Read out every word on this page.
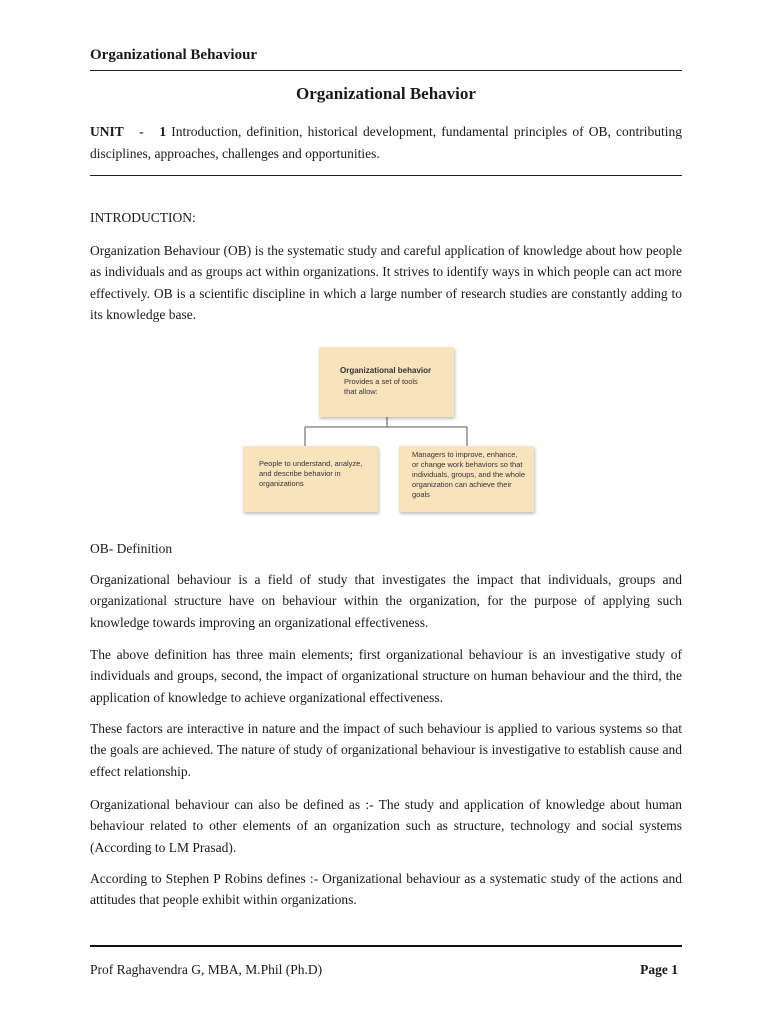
Organizational Behaviour
Organizational Behavior
UNIT - 1 Introduction, definition, historical development, fundamental principles of OB, contributing disciplines, approaches, challenges and opportunities.
INTRODUCTION:
Organization Behaviour (OB) is the systematic study and careful application of knowledge about how people as individuals and as groups act within organizations. It strives to identify ways in which people can act more effectively. OB is a scientific discipline in which a large number of research studies are constantly adding to its knowledge base.
Organizational behavior
Provides a set of tools that allow:
People to understand, analyze, and describe behavior in organizations
Managers to improve, enhance, or change work behaviors so that individuals, groups, and the whole organization can achieve their goals
OB- Definition
Organizational behaviour is a field of study that investigates the impact that individuals, groups and organizational structure have on behaviour within the organization, for the purpose of applying such knowledge towards improving an organizational effectiveness.
The above definition has three main elements; first organizational behaviour is an investigative study of individuals and groups, second, the impact of organizational structure on human behaviour and the third, the application of knowledge to achieve organizational effectiveness.
These factors are interactive in nature and the impact of such behaviour is applied to various systems so that the goals are achieved. The nature of study of organizational behaviour is investigative to establish cause and effect relationship.
Organizational behaviour can also be defined as :- The study and application of knowledge about human behaviour related to other elements of an organization such as structure, technology and social systems (According to LM Prasad).
According to Stephen P Robins defines :- Organizational behaviour as a systematic study of the actions and attitudes that people exhibit within organizations.
Prof Raghavendra G, MBA, M.Phil (Ph.D)	Page 1
